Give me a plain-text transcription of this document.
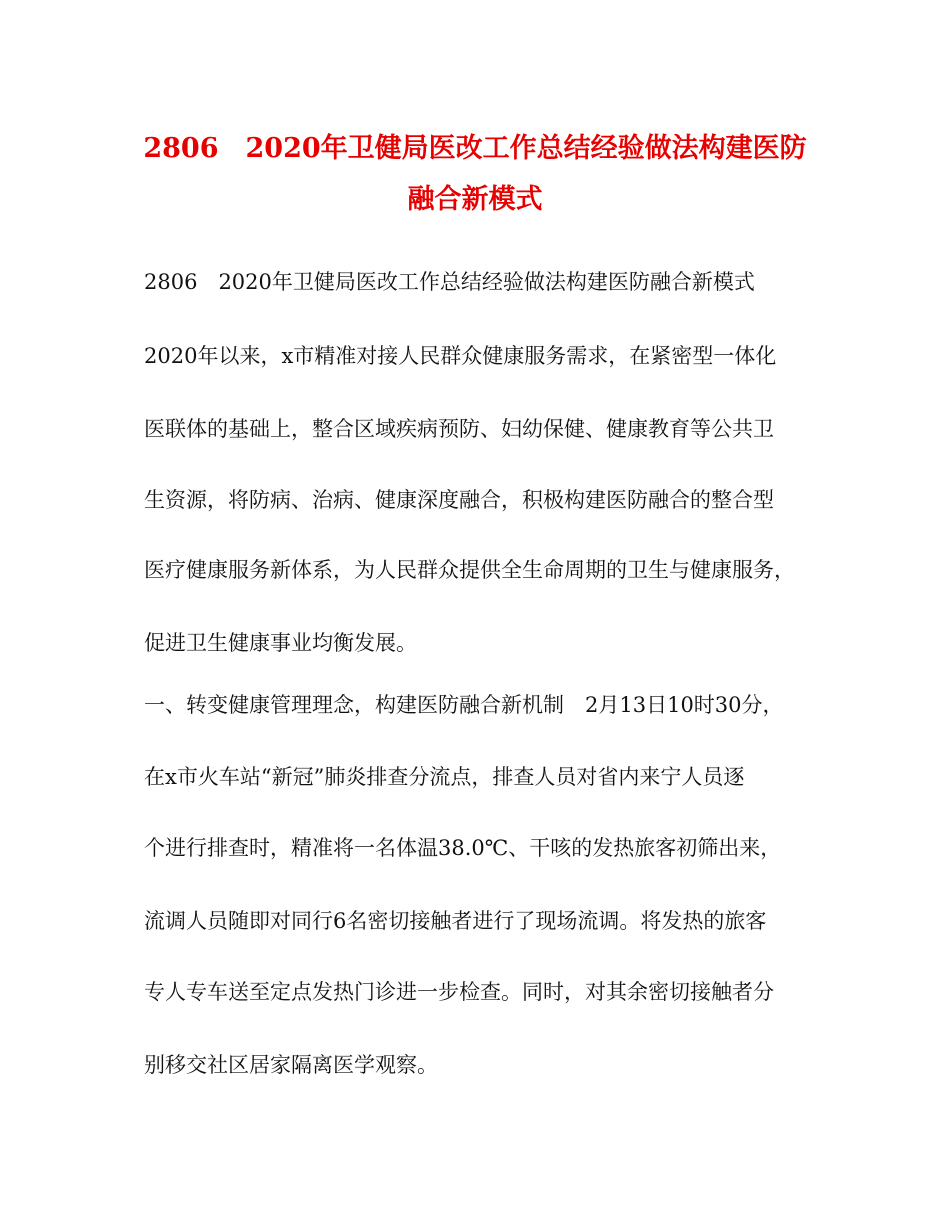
2806　2020年卫健局医改工作总结经验做法构建医防
融合新模式
2806　2020年卫健局医改工作总结经验做法构建医防融合新模式
2020年以来，x市精准对接人民群众健康服务需求，在紧密型一体化
医联体的基础上，整合区域疾病预防、妇幼保健、健康教育等公共卫
生资源，将防病、治病、健康深度融合，积极构建医防融合的整合型
医疗健康服务新体系，为人民群众提供全生命周期的卫生与健康服务，
促进卫生健康事业均衡发展。
一、转变健康管理理念，构建医防融合新机制　2月13日10时30分，
在x市火车站“新冠”肺炎排查分流点，排查人员对省内来宁人员逐
个进行排查时，精准将一名体温38.0℃、干咳的发热旅客初筛出来，
流调人员随即对同行6名密切接触者进行了现场流调。将发热的旅客
专人专车送至定点发热门诊进一步检查。同时，对其余密切接触者分
别移交社区居家隔离医学观察。
